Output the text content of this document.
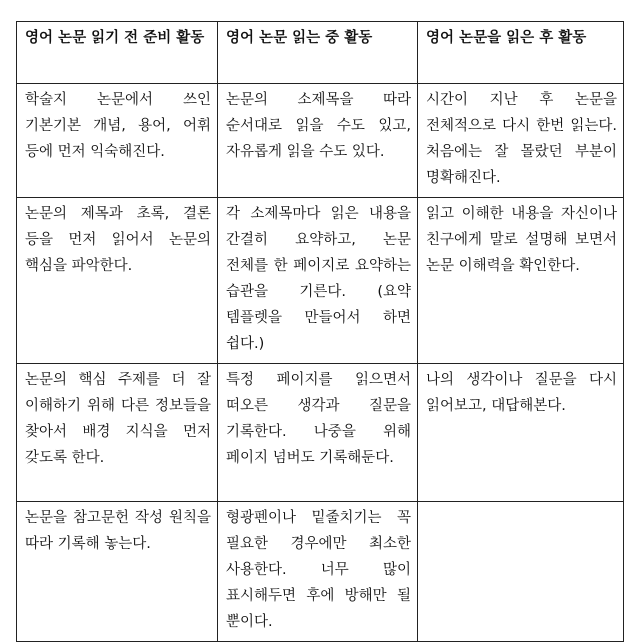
영어 논문 읽기 전 준비 활동	영어 논문 읽는 중 활동	영어 논문을 읽은 후 활동
학술지 논문에서 쓰인 기본기본 개념, 용어, 어휘 등에 먼저 익숙해진다.	논문의 소제목을 따라 순서대로 읽을 수도 있고, 자유롭게 읽을 수도 있다.	시간이 지난 후 논문을 전체적으로 다시 한번 읽는다. 처음에는 잘 몰랐던 부분이 명확해진다.
논문의 제목과 초록, 결론 등을 먼저 읽어서 논문의 핵심을 파악한다.	각 소제목마다 읽은 내용을 간결히 요약하고, 논문 전체를 한 페이지로 요약하는 습관을 기른다. (요약 템플렛을 만들어서 하면 쉽다.)	읽고 이해한 내용을 자신이나 친구에게 말로 설명해 보면서 논문 이해력을 확인한다.
논문의 핵심 주제를 더 잘 이해하기 위해 다른 정보들을 찾아서 배경 지식을 먼저 갖도록 한다.	특정 페이지를 읽으면서 떠오른 생각과 질문을 기록한다. 나중을 위해 페이지 넘버도 기록해둔다.	나의 생각이나 질문을 다시 읽어보고, 대답해본다.
논문을 참고문헌 작성 원칙을 따라 기록해 놓는다.	형광펜이나 밑줄치기는 꼭 필요한 경우에만 최소한 사용한다. 너무 많이 표시해두면 후에 방해만 될 뿐이다.	
